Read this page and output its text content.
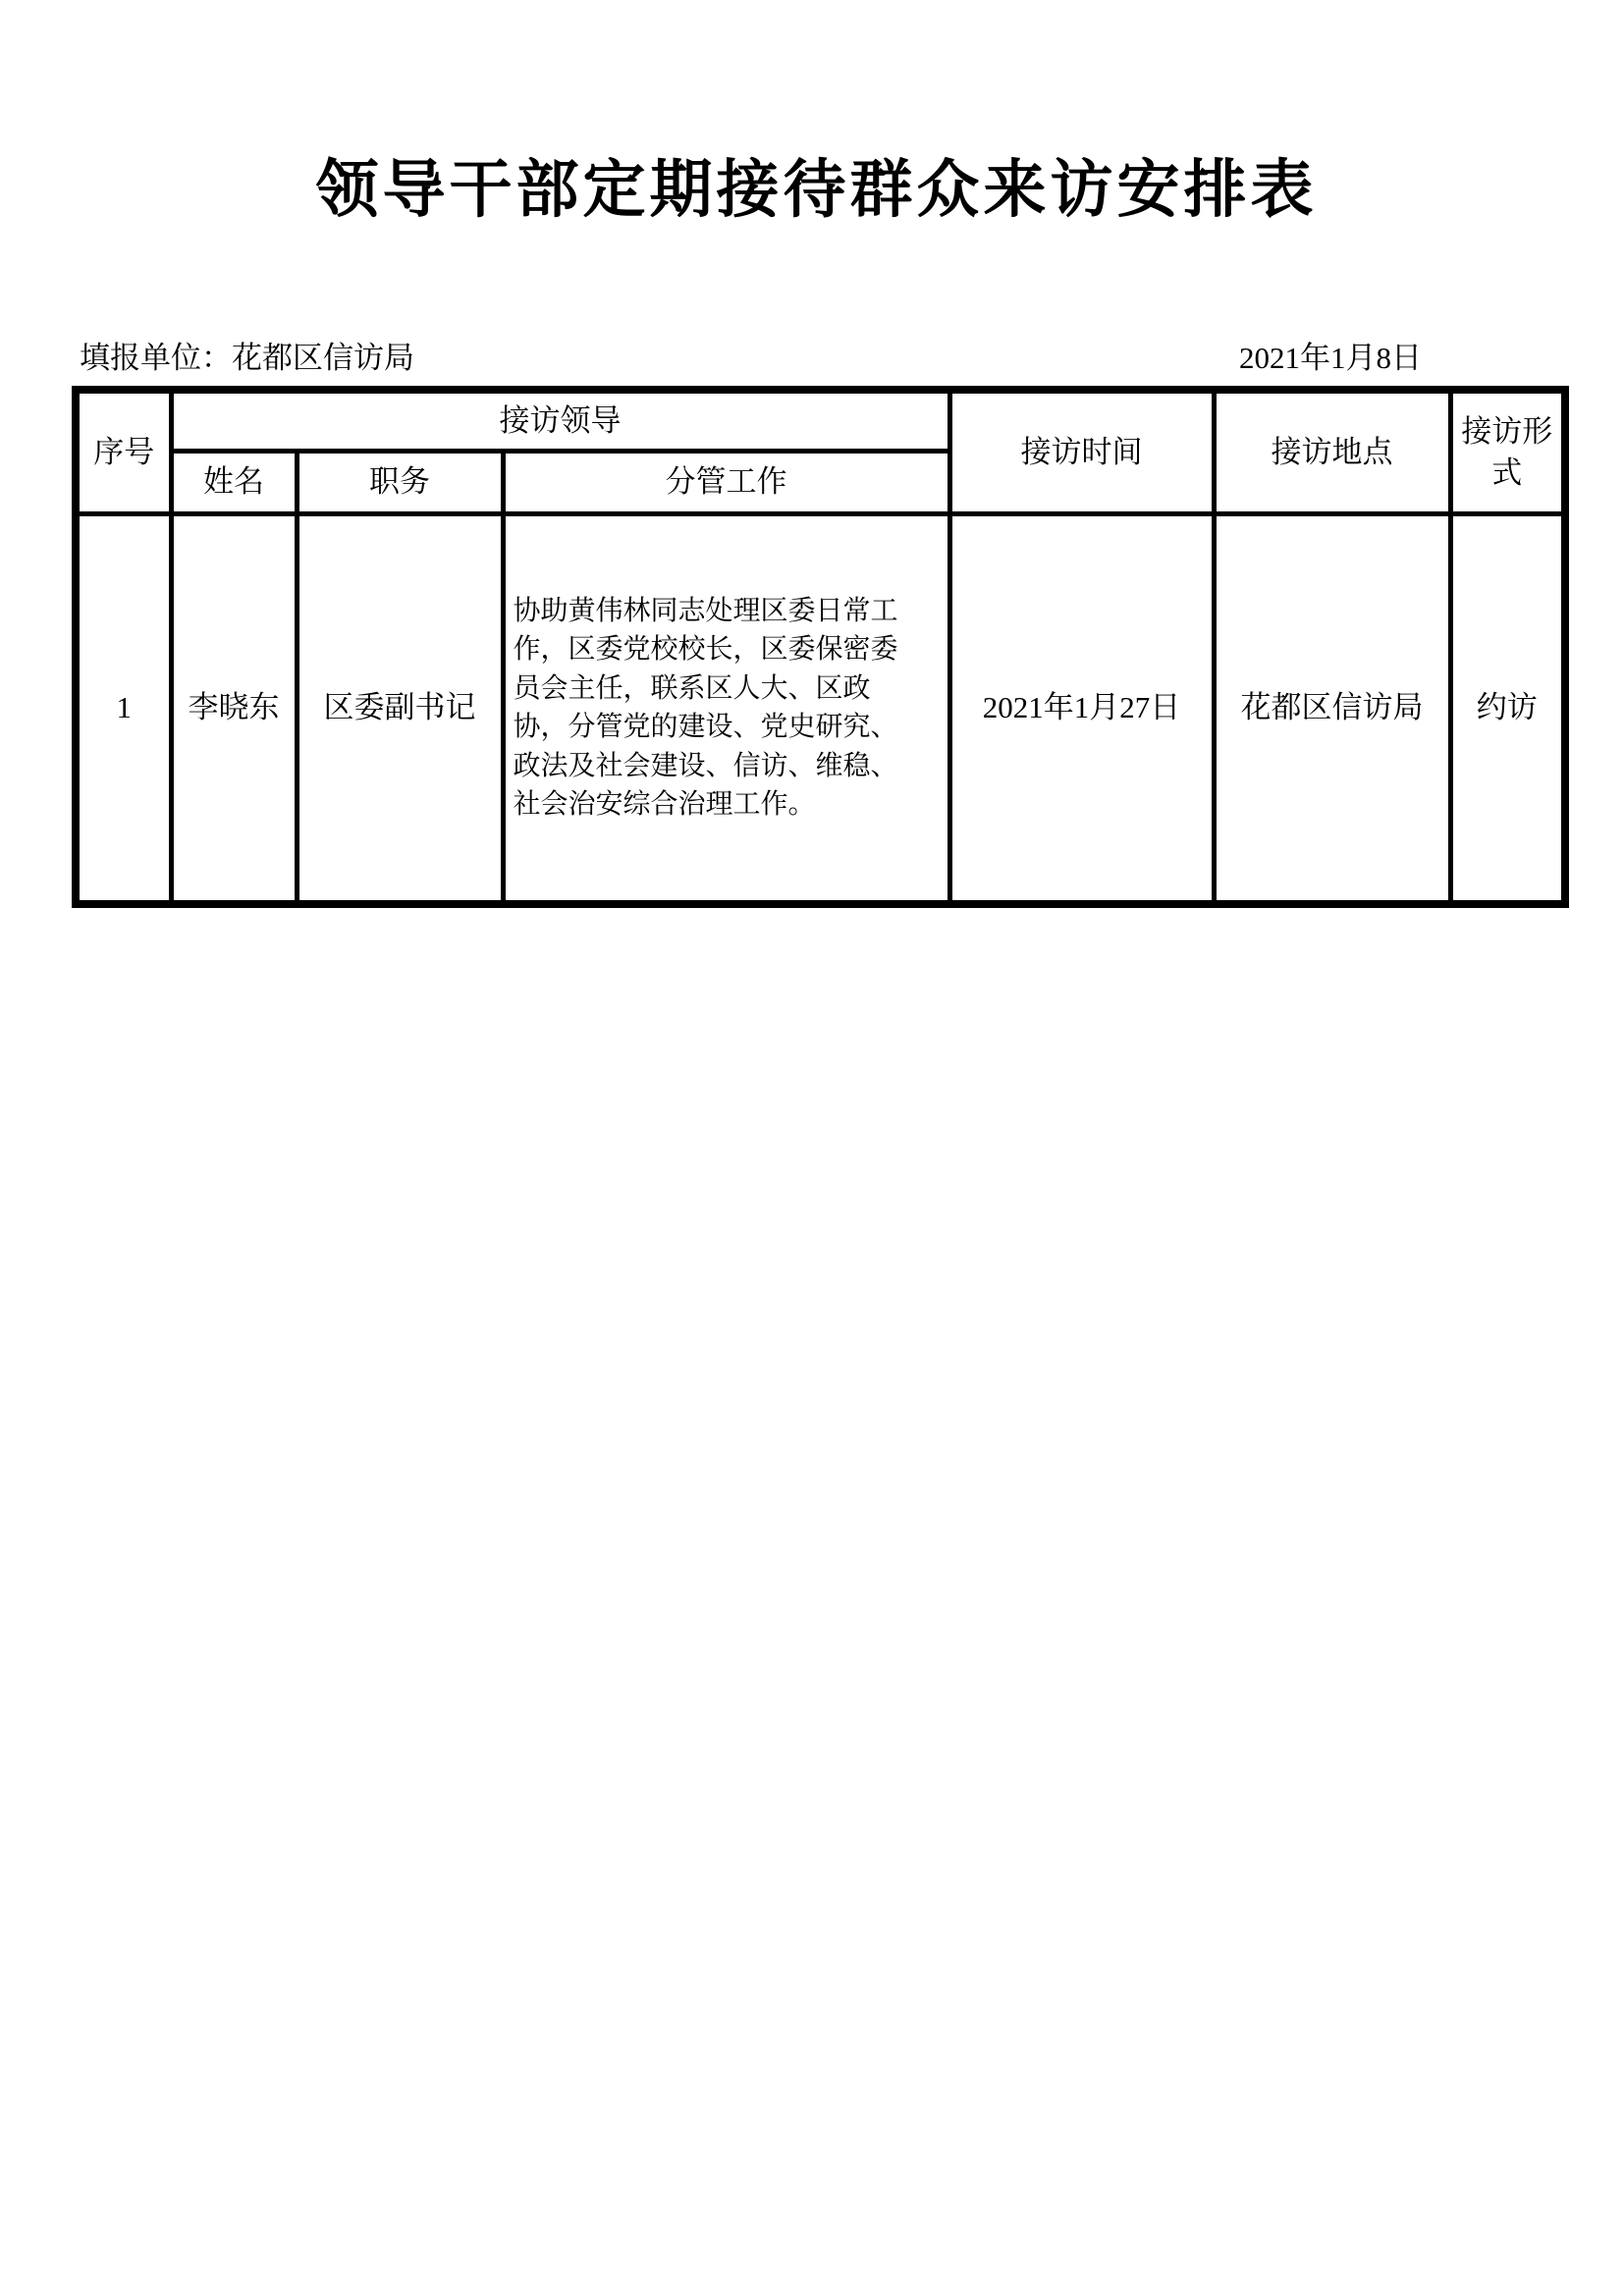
领导干部定期接待群众来访安排表
填报单位：花都区信访局	2021年1月8日
序号	接访领导			接访时间	接访地点	接访形式
	姓名	职务	分管工作			
1	李晓东	区委副书记	协助黄伟林同志处理区委日常工作，区委党校校长，区委保密委员会主任，联系区人大、区政协，分管党的建设、党史研究、政法及社会建设、信访、维稳、社会治安综合治理工作。	2021年1月27日	花都区信访局	约访
